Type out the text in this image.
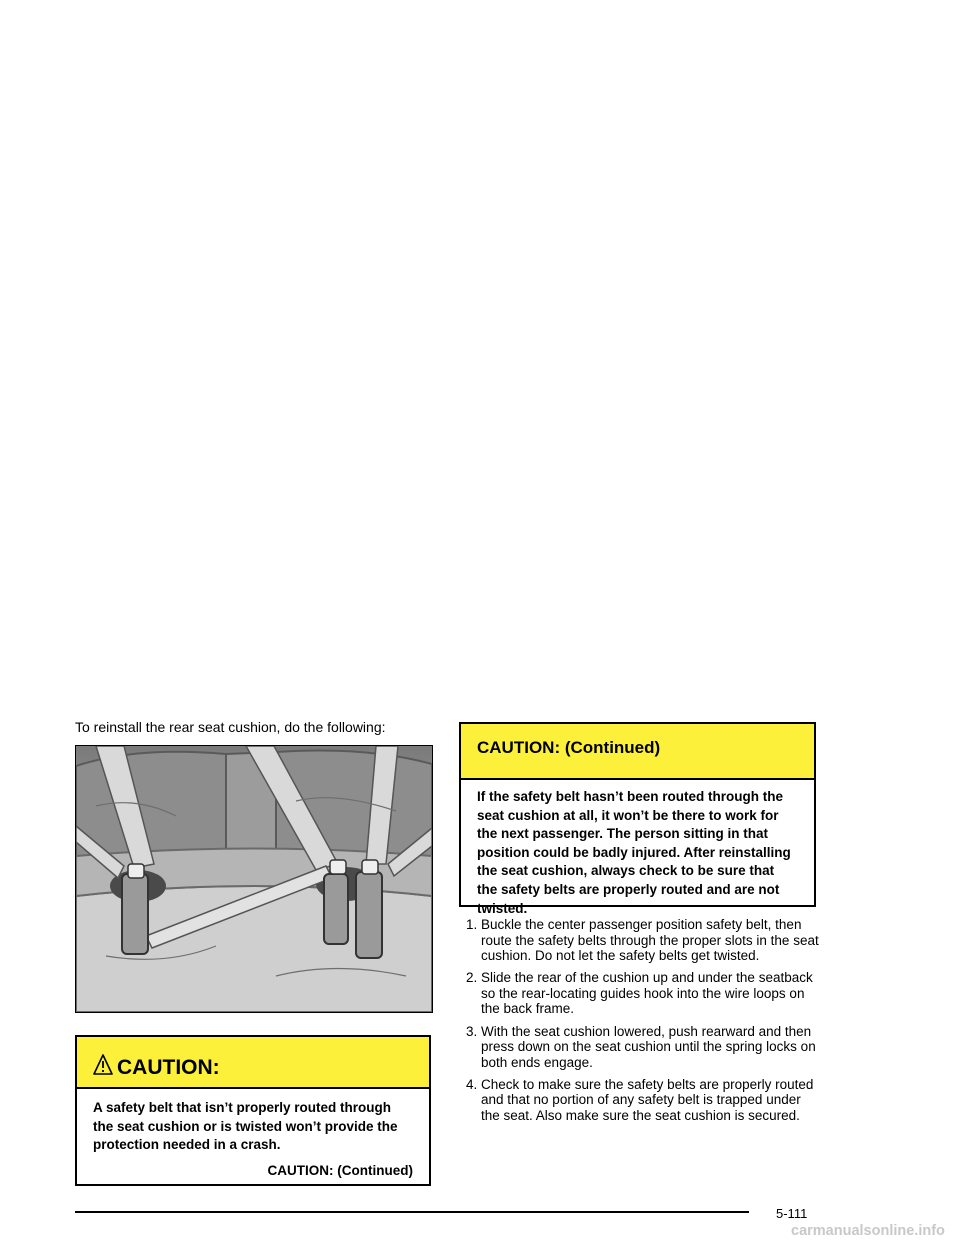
To reinstall the rear seat cushion, do the following:

CAUTION:

A safety belt that isn’t properly routed through the seat cushion or is twisted won’t provide the protection needed in a crash.

CAUTION: (Continued)
CAUTION: (Continued)

If the safety belt hasn’t been routed through the seat cushion at all, it won’t be there to work for the next passenger. The person sitting in that position could be badly injured. After reinstalling the seat cushion, always check to be sure that the safety belts are properly routed and are not twisted.

1. Buckle the center passenger position safety belt, then route the safety belts through the proper slots in the seat cushion. Do not let the safety belts get twisted.
2. Slide the rear of the cushion up and under the seatback so the rear-locating guides hook into the wire loops on the back frame.
3. With the seat cushion lowered, push rearward and then press down on the seat cushion until the spring locks on both ends engage.
4. Check to make sure the safety belts are properly routed and that no portion of any safety belt is trapped under the seat. Also make sure the seat cushion is secured.
5-111
carmanualsonline.info
